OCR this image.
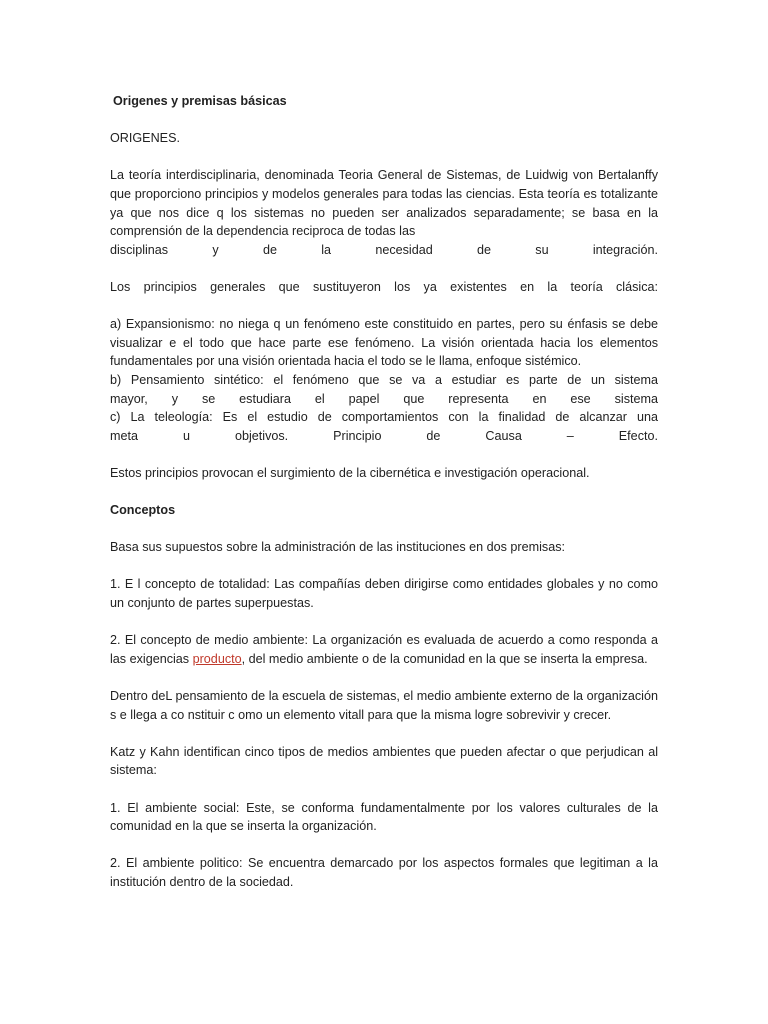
Origenes y premisas básicas

ORIGENES.

La teoría interdisciplinaria, denominada Teoria General de Sistemas, de Luidwig von Bertalanffy que proporciono principios y modelos generales para todas las ciencias. Esta teoría es totalizante ya que nos dice q los sistemas no pueden ser analizados separadamente; se basa en la comprensión de la dependencia reciproca de todas las
disciplinas y de la necesidad de su integración.

Los principios generales que sustituyeron los ya existentes en la teoría clásica:

a) Expansionismo: no niega q un fenómeno este constituido en partes, pero su énfasis se debe visualizar e el todo que hace parte ese fenómeno. La visión orientada hacia los elementos fundamentales por una visión orientada hacia el todo se le llama, enfoque sistémico.
b) Pensamiento sintético: el fenómeno que se va a estudiar es parte de un sistema
mayor, y se estudiara el papel que representa en ese sistema
c) La teleología: Es el estudio de comportamientos con la finalidad de alcanzar una
meta u objetivos. Principio de Causa – Efecto.

Estos principios provocan el surgimiento de la cibernética e investigación operacional.

Conceptos

Basa sus supuestos sobre la administración de las instituciones en dos premisas:

1. E l concepto de totalidad: Las compañías deben dirigirse como entidades globales y no como un conjunto de partes superpuestas.

2. El concepto de medio ambiente: La organización es evaluada de acuerdo a como responda a las exigencias producto, del medio ambiente o de la comunidad en la que se inserta la empresa.

Dentro deL pensamiento de la escuela de sistemas, el medio ambiente externo de la organización s e llega a co nstituir c omo un elemento vitall para que la misma logre sobrevivir y crecer.

Katz y Kahn identifican cinco tipos de medios ambientes que pueden afectar o que perjudican al sistema:

1. El ambiente social: Este, se conforma fundamentalmente por los valores culturales de la comunidad en la que se inserta la organización.

2. El ambiente politico: Se encuentra demarcado por los aspectos formales que legitiman a la institución dentro de la sociedad.
